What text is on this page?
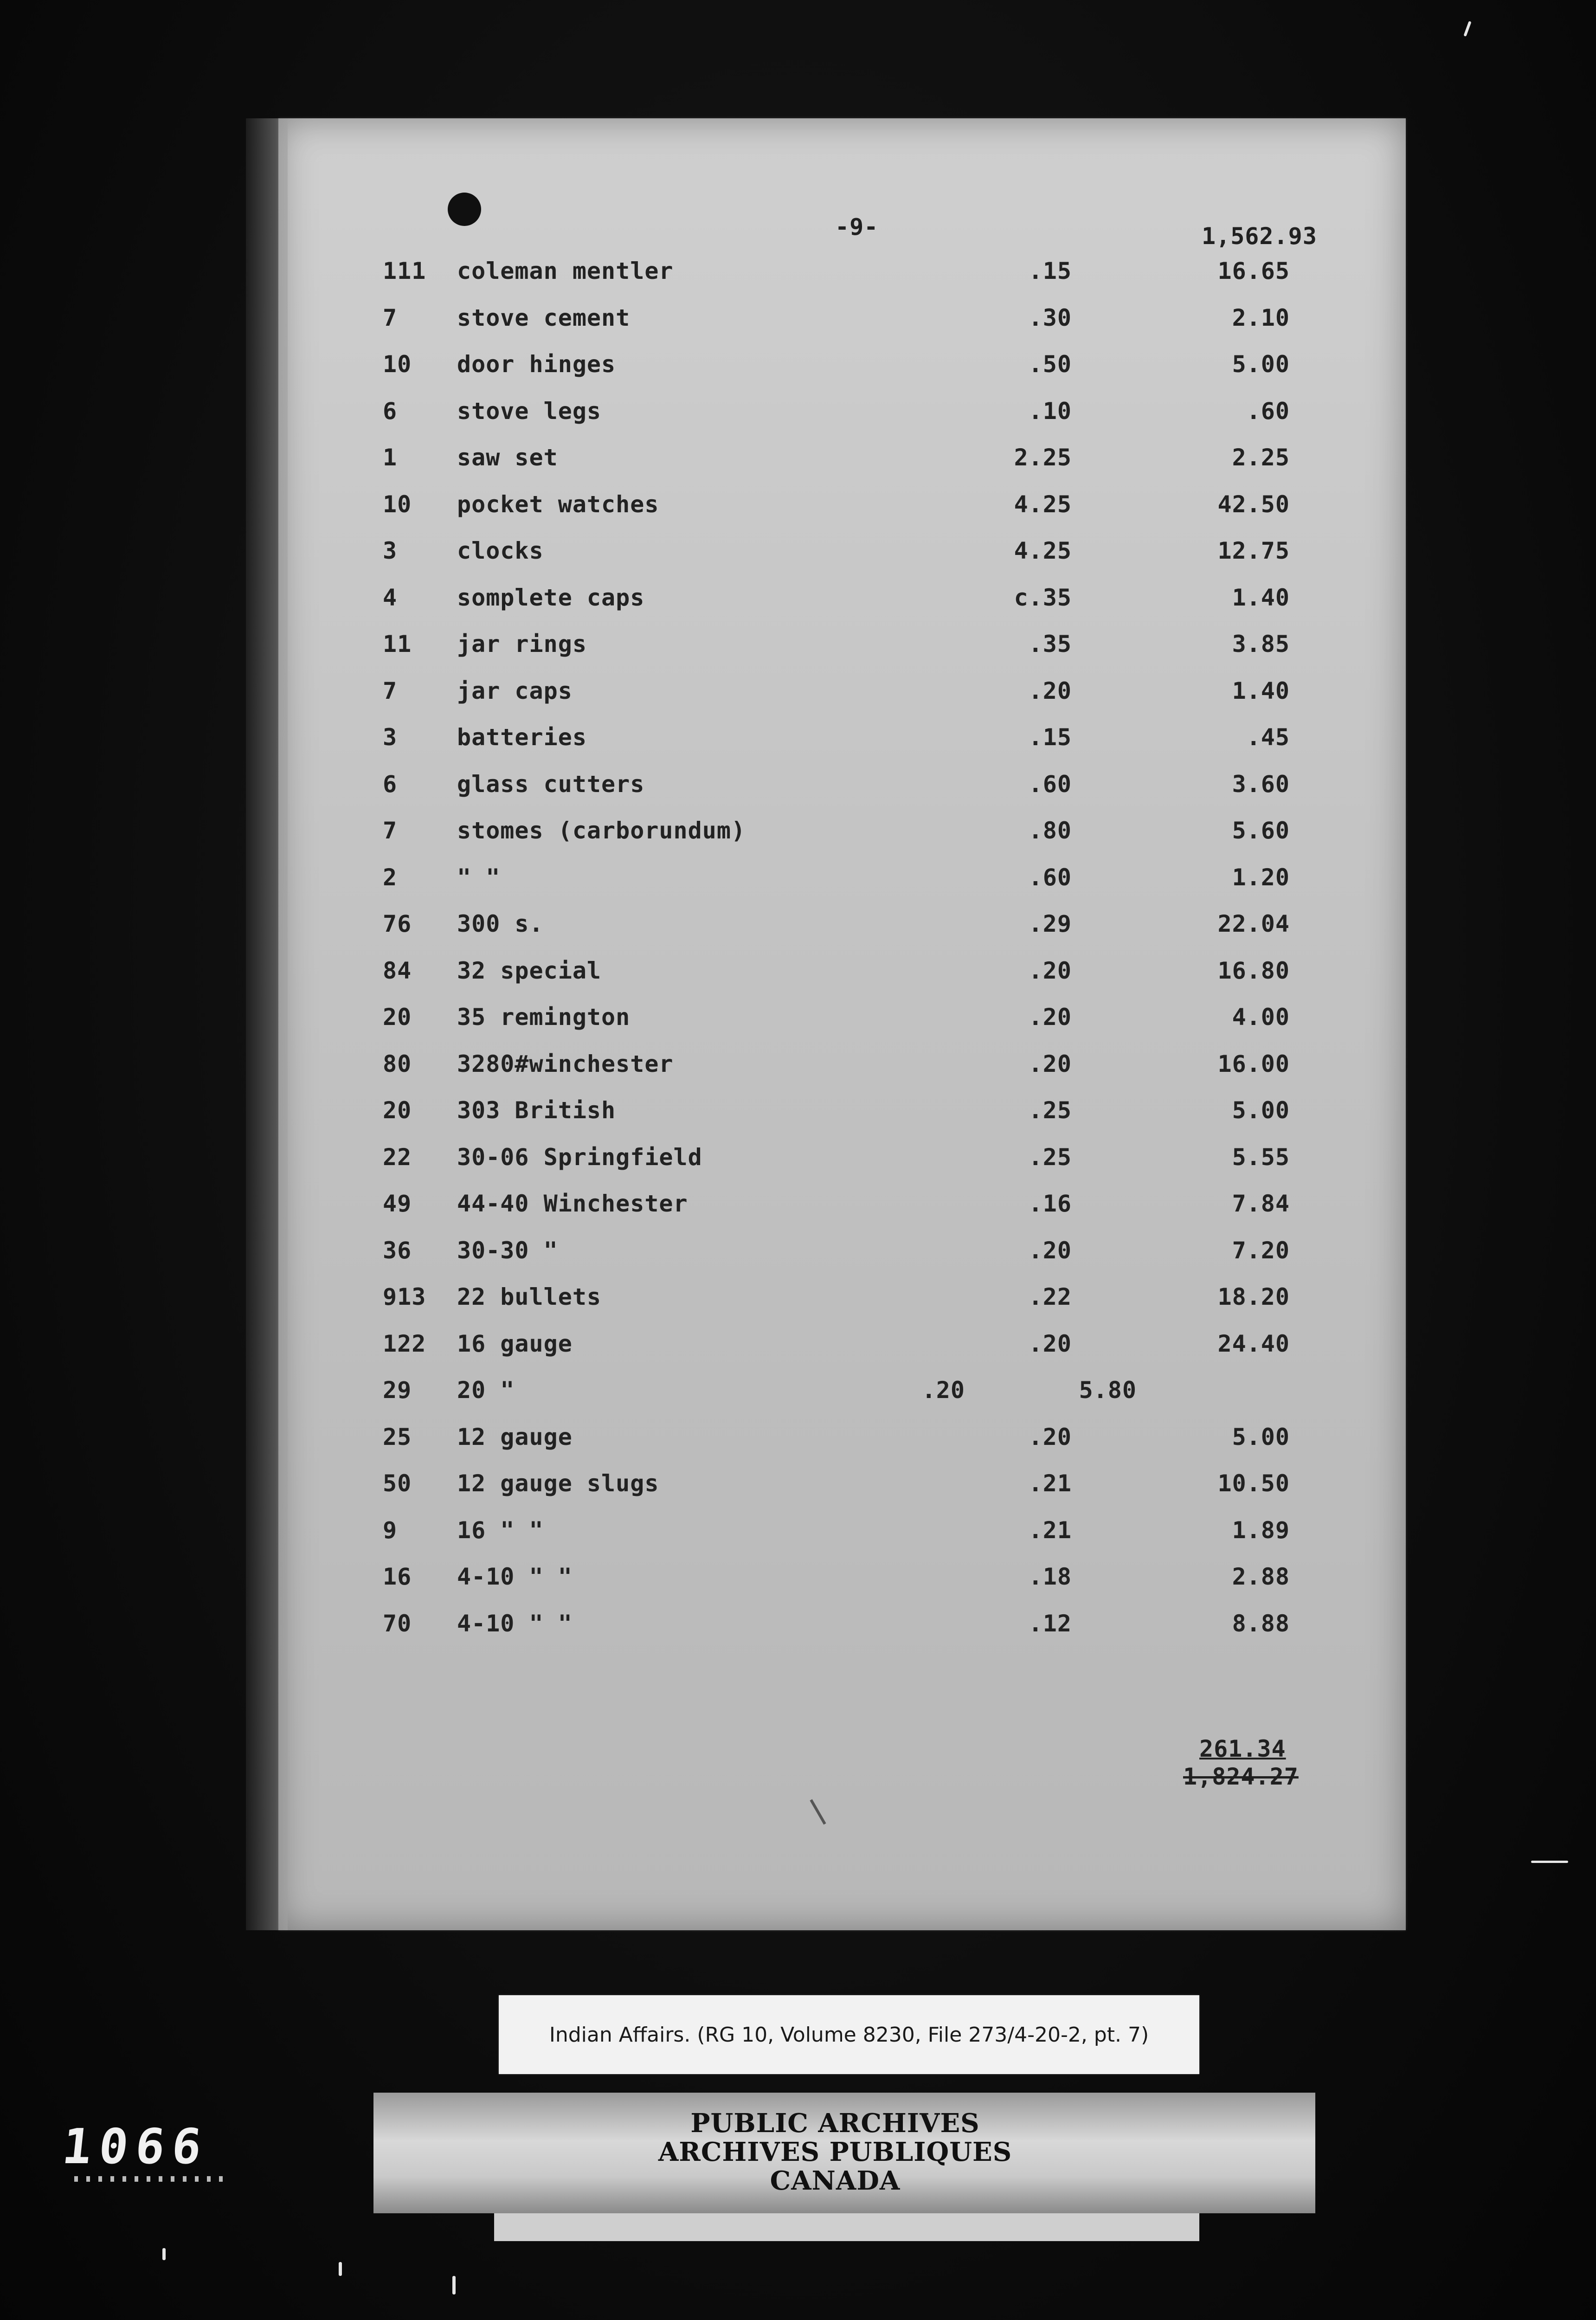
-9-	1,562.93
111	coleman mentler	.15	16.65
7	stove cement	.30	2.10
10	door hinges	.50	5.00
6	stove legs	.10	.60
1	saw set	2.25	2.25
10	pocket watches	4.25	42.50
3	clocks	4.25	12.75
4	somplete caps	c.35	1.40
11	jar rings	.35	3.85
7	jar caps	.20	1.40
3	batteries	.15	.45
6	glass cutters	.60	3.60
7	stomes (carborundum)	.80	5.60
2	" "	.60	1.20
76	300 s.	.29	22.04
84	32 special	.20	16.80
20	35 remington	.20	4.00
80	3280#winchester	.20	16.00
20	303 British	.25	5.00
22	30-06 Springfield	.25	5.55
49	44-40 Winchester	.16	7.84
36	30-30 "	.20	7.20
913	22 bullets	.22	18.20
122	16 gauge	.20	24.40
29	20 "	.20	5.80
25	12 gauge	.20	5.00
50	12 gauge slugs	.21	10.50
9	16 " "	.21	1.89
16	4-10 " "	.18	2.88
70	4-10 " "	.12	8.88
261.34
1,824.27
Indian Affairs. (RG 10, Volume 8230, File 273/4-20-2, pt. 7)
PUBLIC ARCHIVES
ARCHIVES PUBLIQUES
CANADA
1066
